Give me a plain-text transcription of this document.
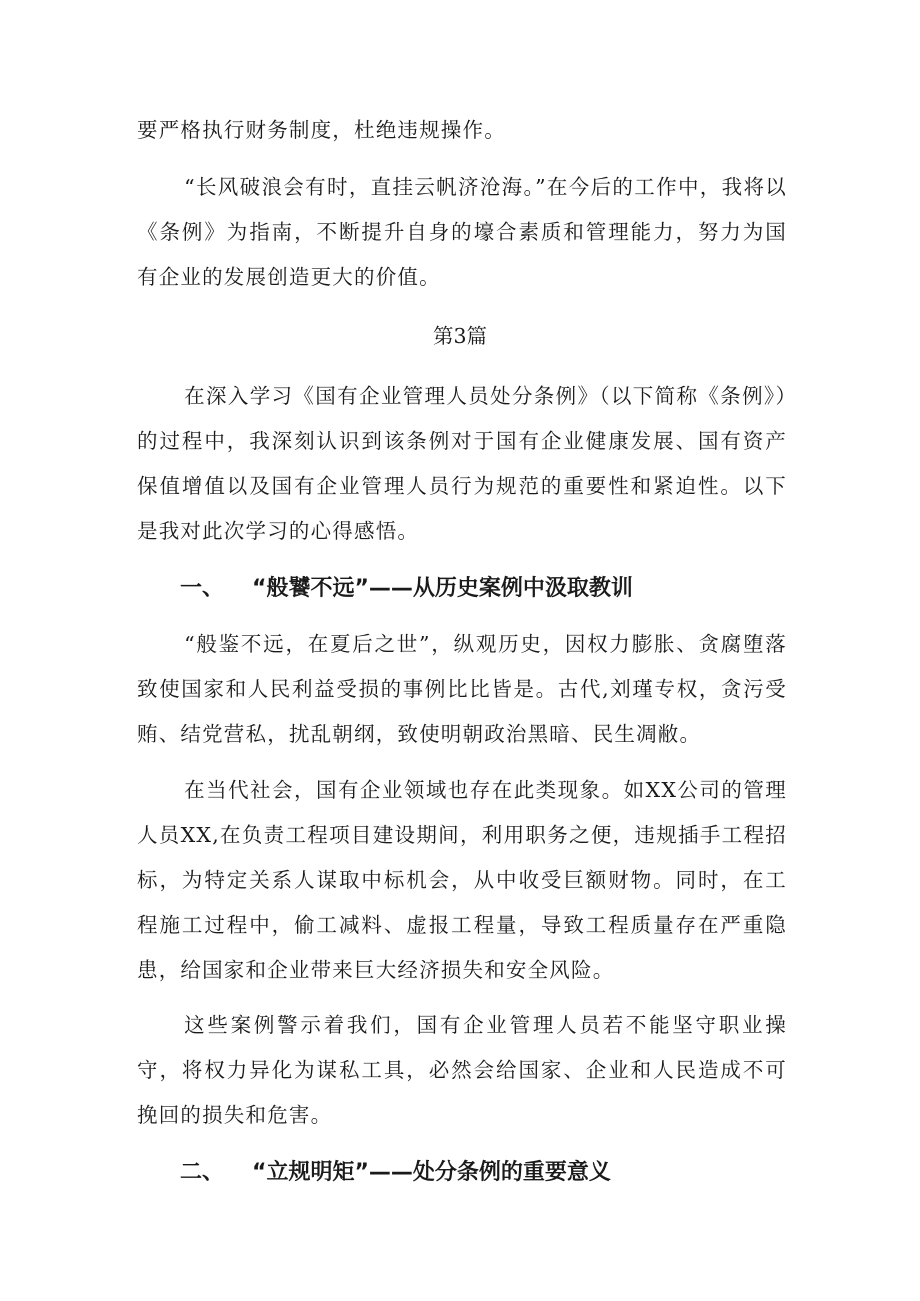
要严格执行财务制度，杜绝违规操作。

“长风破浪会有时，直挂云帆济沧海。”在今后的工作中，我将以《条例》为指南，不断提升自身的壕合素质和管理能力，努力为国有企业的发展创造更大的价值。

第3篇

在深入学习《国有企业管理人员处分条例》（以下简称《条例》）的过程中，我深刻认识到该条例对于国有企业健康发展、国有资产保值增值以及国有企业管理人员行为规范的重要性和紧迫性。以下是我对此次学习的心得感悟。

一、 “般饕不远”——从历史案例中汲取教训

“般鉴不远，在夏后之世”，纵观历史，因权力膨胀、贪腐堕落致使国家和人民利益受损的事例比比皆是。古代,刘瑾专权，贪污受贿、结党营私，扰乱朝纲，致使明朝政治黑暗、民生凋敝。

在当代社会，国有企业领域也存在此类现象。如XX公司的管理人员XX,在负责工程项目建设期间，利用职务之便，违规插手工程招标，为特定关系人谋取中标机会，从中收受巨额财物。同时，在工程施工过程中，偷工减料、虚报工程量，导致工程质量存在严重隐患，给国家和企业带来巨大经济损失和安全风险。

这些案例警示着我们，国有企业管理人员若不能坚守职业操守，将权力异化为谋私工具，必然会给国家、企业和人民造成不可挽回的损失和危害。

二、 “立规明矩”——处分条例的重要意义
